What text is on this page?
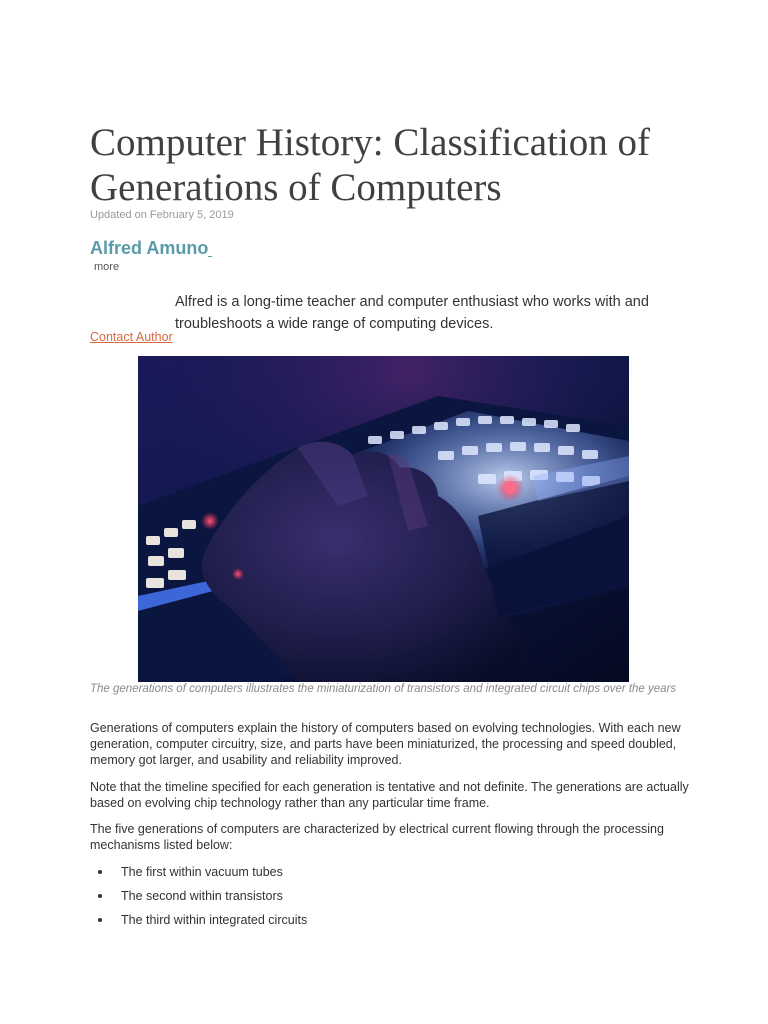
Computer History: Classification of Generations of Computers
Updated on February 5, 2019
Alfred Amuno
more

Alfred is a long-time teacher and computer enthusiast who works with and troubleshoots a wide range of computing devices.

Contact Author

The generations of computers illustrates the miniaturization of transistors and integrated circuit chips over the years

Generations of computers explain the history of computers based on evolving technologies. With each new generation, computer circuitry, size, and parts have been miniaturized, the processing and speed doubled, memory got larger, and usability and reliability improved.

Note that the timeline specified for each generation is tentative and not definite. The generations are actually based on evolving chip technology rather than any particular time frame.

The five generations of computers are characterized by electrical current flowing through the processing mechanisms listed below:

The first within vacuum tubes
The second within transistors
The third within integrated circuits
